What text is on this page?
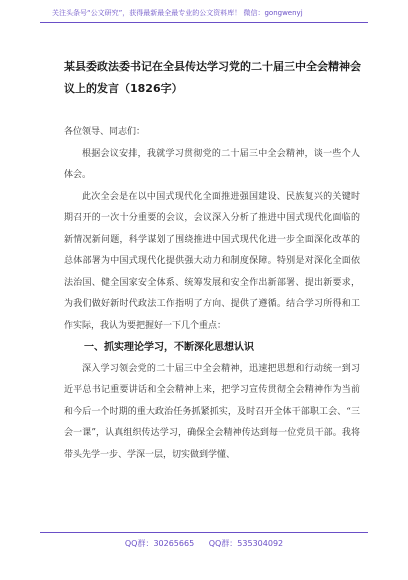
关注头条号“公文研究”，获得最新最全最专业的公文资料库！ 微信：gongwenyj
某县委政法委书记在全县传达学习党的二十届三中全会精神会议上的发言（1826字）

各位领导、同志们：

根据会议安排，我就学习贯彻党的二十届三中全会精神，谈一些个人体会。

此次全会是在以中国式现代化全面推进强国建设、民族复兴的关键时期召开的一次十分重要的会议，会议深入分析了推进中国式现代化面临的新情况新问题，科学谋划了围绕推进中国式现代化进一步全面深化改革的总体部署为中国式现代化提供强大动力和制度保障。特别是对深化全面依法治国、健全国家安全体系、统筹发展和安全作出新部署、提出新要求，为我们做好新时代政法工作指明了方向、提供了遵循。结合学习所得和工作实际，我认为要把握好一下几个重点：

一、抓实理论学习，不断深化思想认识

深入学习领会党的二十届三中全会精神，迅速把思想和行动统一到习近平总书记重要讲话和全会精神上来，把学习宣传贯彻全会精神作为当前和今后一个时期的重大政治任务抓紧抓实，及时召开全体干部职工会、“三会一课”，认真组织传达学习，确保全会精神传达到每一位党员干部。我将带头先学一步、学深一层，切实做到学懂、

QQ群：30265665 QQ群：535304092
